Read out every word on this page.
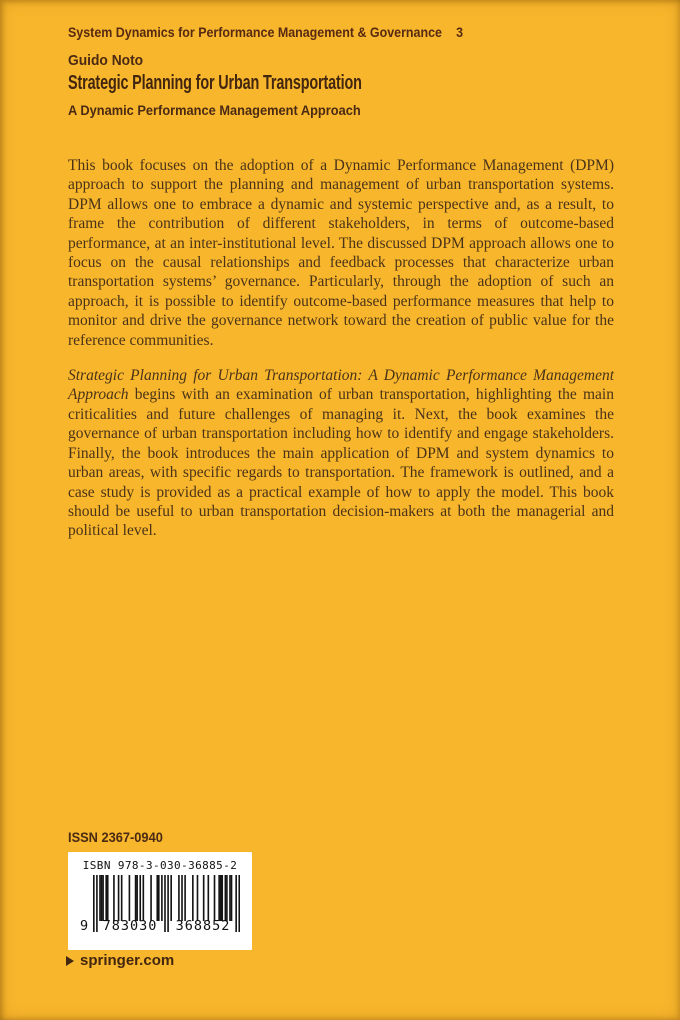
System Dynamics for Performance Management & Governance 3
Guido Noto
Strategic Planning for Urban Transportation
A Dynamic Performance Management Approach

This book focuses on the adoption of a Dynamic Performance Management (DPM) approach to support the planning and management of urban transportation systems. DPM allows one to embrace a dynamic and systemic perspective and, as a result, to frame the contribution of different stakeholders, in terms of outcome-based performance, at an inter-institutional level. The discussed DPM approach allows one to focus on the causal relationships and feedback processes that characterize urban transportation systems’ governance. Particularly, through the adoption of such an approach, it is possible to identify outcome-based performance measures that help to monitor and drive the governance network toward the creation of public value for the reference communities.

Strategic Planning for Urban Transportation: A Dynamic Performance Management Approach begins with an examination of urban transportation, highlighting the main criticalities and future challenges of managing it. Next, the book examines the governance of urban transportation including how to identify and engage stakeholders. Finally, the book introduces the main application of DPM and system dynamics to urban areas, with specific regards to transportation. The framework is outlined, and a case study is provided as a practical example of how to apply the model. This book should be useful to urban transportation decision-makers at both the managerial and political level.

ISSN 2367-0940
ISBN 978-3-030-36885-2
9 783030	368852
springer.com
